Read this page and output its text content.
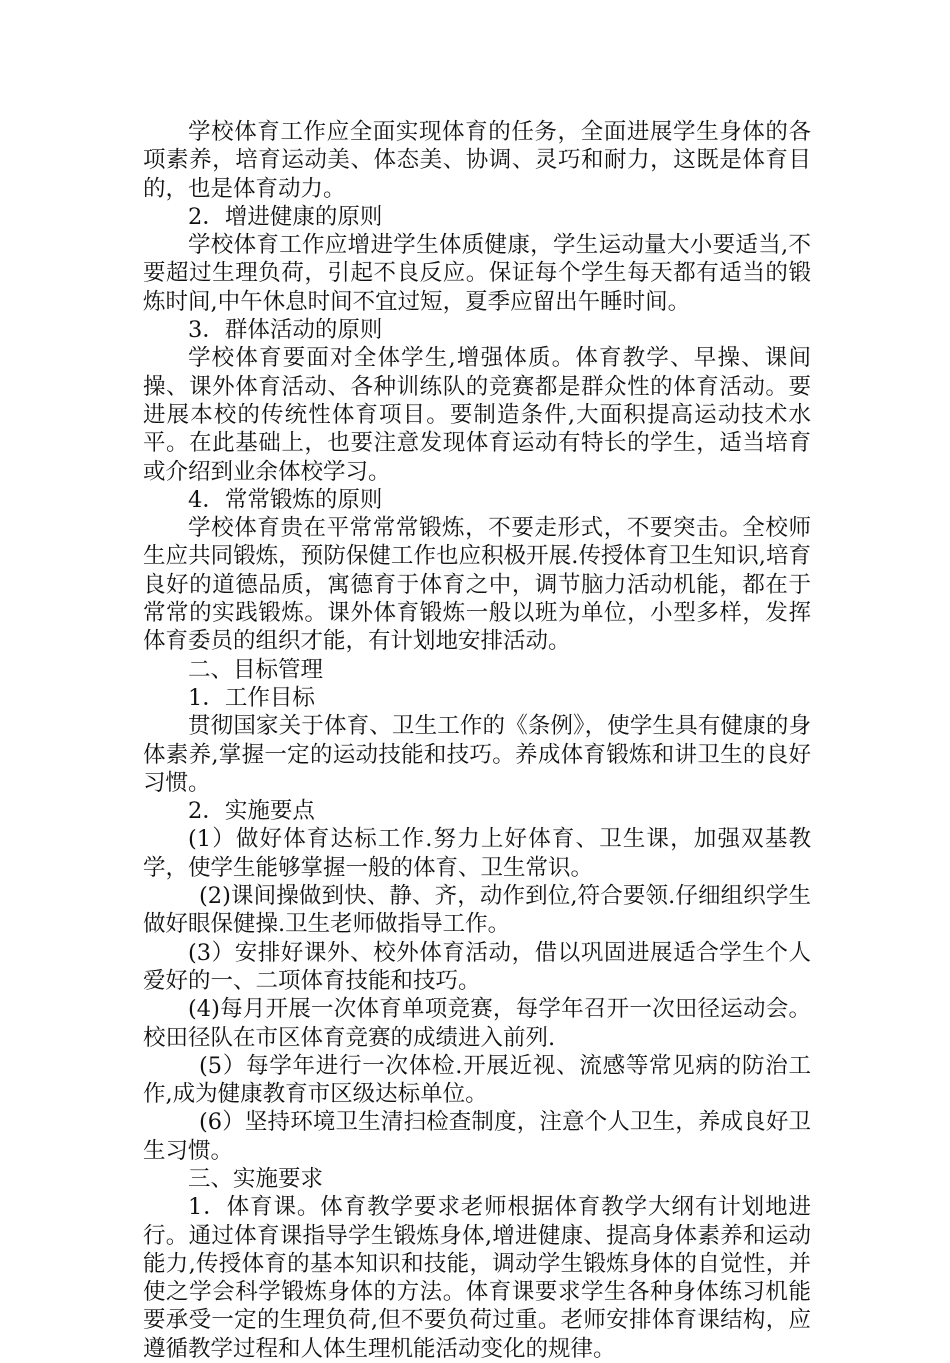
学校体育工作应全面实现体育的任务，全面进展学生身体的各项素养，培育运动美、体态美、协调、灵巧和耐力，这既是体育目的，也是体育动力。

2．增进健康的原则

学校体育工作应增进学生体质健康，学生运动量大小要适当,不要超过生理负荷，引起不良反应。保证每个学生每天都有适当的锻炼时间,中午休息时间不宜过短，夏季应留出午睡时间。

3．群体活动的原则

学校体育要面对全体学生,增强体质。体育教学、早操、课间操、课外体育活动、各种训练队的竞赛都是群众性的体育活动。要进展本校的传统性体育项目。要制造条件,大面积提高运动技术水平。在此基础上，也要注意发现体育运动有特长的学生，适当培育或介绍到业余体校学习。

4．常常锻炼的原则

学校体育贵在平常常常锻炼，不要走形式，不要突击。全校师生应共同锻炼，预防保健工作也应积极开展.传授体育卫生知识,培育良好的道德品质，寓德育于体育之中，调节脑力活动机能，都在于常常的实践锻炼。课外体育锻炼一般以班为单位，小型多样，发挥体育委员的组织才能，有计划地安排活动。

二、目标管理

1．工作目标

贯彻国家关于体育、卫生工作的《条例》，使学生具有健康的身体素养,掌握一定的运动技能和技巧。养成体育锻炼和讲卫生的良好习惯。

2．实施要点

(1）做好体育达标工作.努力上好体育、卫生课，加强双基教学，使学生能够掌握一般的体育、卫生常识。

(2)课间操做到快、静、齐，动作到位,符合要领.仔细组织学生做好眼保健操.卫生老师做指导工作。

(3）安排好课外、校外体育活动，借以巩固进展适合学生个人爱好的一、二项体育技能和技巧。

(4)每月开展一次体育单项竞赛，每学年召开一次田径运动会。校田径队在市区体育竞赛的成绩进入前列.

(5）每学年进行一次体检.开展近视、流感等常见病的防治工作,成为健康教育市区级达标单位。

(6）坚持环境卫生清扫检查制度，注意个人卫生，养成良好卫生习惯。

三、实施要求

1．体育课。体育教学要求老师根据体育教学大纲有计划地进行。通过体育课指导学生锻炼身体,增进健康、提高身体素养和运动能力,传授体育的基本知识和技能，调动学生锻炼身体的自觉性，并使之学会科学锻炼身体的方法。体育课要求学生各种身体练习机能要承受一定的生理负荷,但不要负荷过重。老师安排体育课结构，应遵循教学过程和人体生理机能活动变化的规律。
